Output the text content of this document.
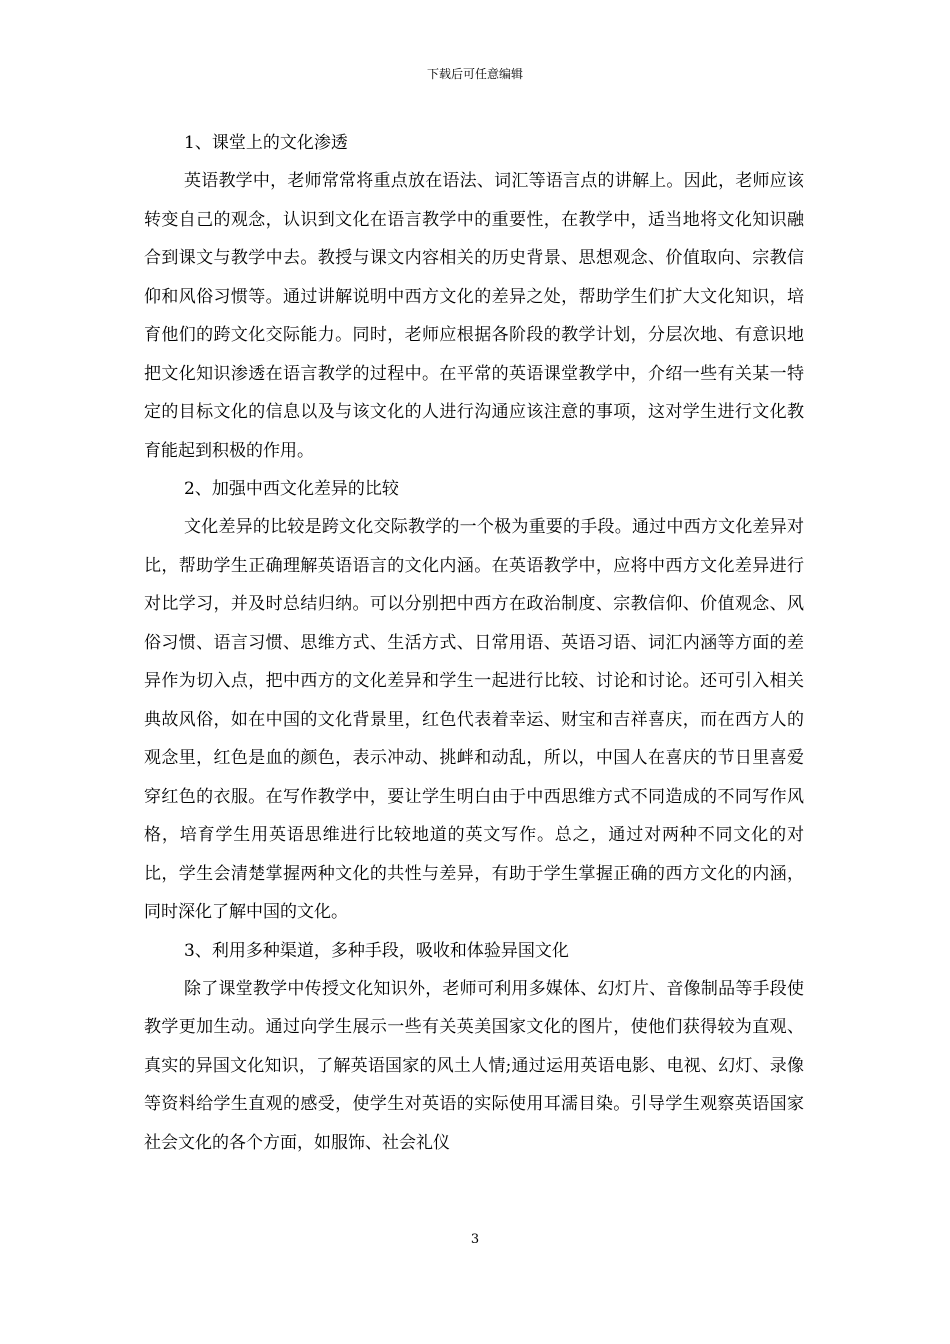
下载后可任意编辑
1、课堂上的文化渗透

英语教学中，老师常常将重点放在语法、词汇等语言点的讲解上。因此，老师应该转变自己的观念，认识到文化在语言教学中的重要性，在教学中，适当地将文化知识融合到课文与教学中去。教授与课文内容相关的历史背景、思想观念、价值取向、宗教信仰和风俗习惯等。通过讲解说明中西方文化的差异之处，帮助学生们扩大文化知识，培育他们的跨文化交际能力。同时，老师应根据各阶段的教学计划，分层次地、有意识地把文化知识渗透在语言教学的过程中。在平常的英语课堂教学中，介绍一些有关某一特定的目标文化的信息以及与该文化的人进行沟通应该注意的事项，这对学生进行文化教育能起到积极的作用。

2、加强中西文化差异的比较

文化差异的比较是跨文化交际教学的一个极为重要的手段。通过中西方文化差异对比，帮助学生正确理解英语语言的文化内涵。在英语教学中，应将中西方文化差异进行对比学习，并及时总结归纳。可以分别把中西方在政治制度、宗教信仰、价值观念、风俗习惯、语言习惯、思维方式、生活方式、日常用语、英语习语、词汇内涵等方面的差异作为切入点，把中西方的文化差异和学生一起进行比较、讨论和讨论。还可引入相关典故风俗，如在中国的文化背景里，红色代表着幸运、财宝和吉祥喜庆，而在西方人的观念里，红色是血的颜色，表示冲动、挑衅和动乱，所以，中国人在喜庆的节日里喜爱穿红色的衣服。在写作教学中，要让学生明白由于中西思维方式不同造成的不同写作风格，培育学生用英语思维进行比较地道的英文写作。总之，通过对两种不同文化的对比，学生会清楚掌握两种文化的共性与差异，有助于学生掌握正确的西方文化的内涵，同时深化了解中国的文化。

3、利用多种渠道，多种手段，吸收和体验异国文化

除了课堂教学中传授文化知识外，老师可利用多媒体、幻灯片、音像制品等手段使教学更加生动。通过向学生展示一些有关英美国家文化的图片，使他们获得较为直观、真实的异国文化知识，了解英语国家的风土人情;通过运用英语电影、电视、幻灯、录像等资料给学生直观的感受，使学生对英语的实际使用耳濡目染。引导学生观察英语国家社会文化的各个方面，如服饰、社会礼仪

3
